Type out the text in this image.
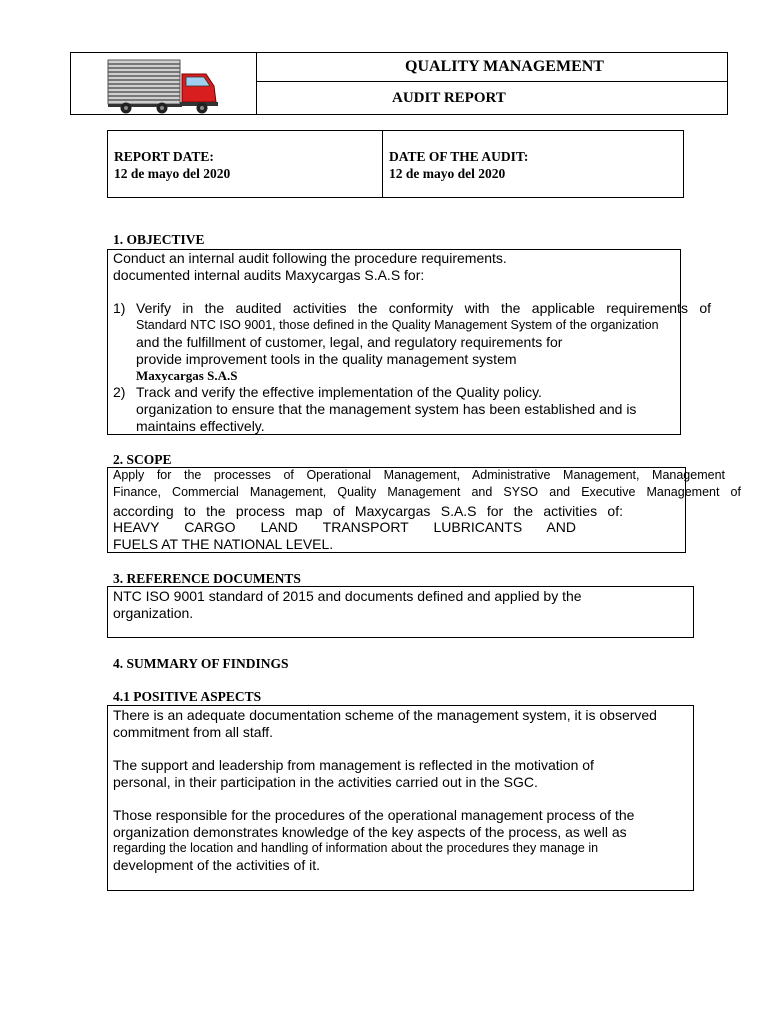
QUALITY MANAGEMENT
AUDIT REPORT
REPORT DATE:
12 de mayo del 2020
DATE OF THE AUDIT:
12 de mayo del 2020
1. OBJECTIVE
Conduct an internal audit following the procedure requirements.
documented internal audits Maxycargas S.A.S for:
1) Verify in the audited activities the conformity with the applicable requirements of
Standard NTC ISO 9001, those defined in the Quality Management System of the organization
and the fulfillment of customer, legal, and regulatory requirements for
provide improvement tools in the quality management system
Maxycargas S.A.S
2) Track and verify the effective implementation of the Quality policy.
organization to ensure that the management system has been established and is
maintains effectively.
2. SCOPE
Apply for the processes of Operational Management, Administrative Management, Management
Finance, Commercial Management, Quality Management and SYSO and Executive Management of
according to the process map of Maxycargas S.A.S for the activities of:
HEAVY CARGO LAND TRANSPORT LUBRICANTS AND
FUELS AT THE NATIONAL LEVEL.
3. REFERENCE DOCUMENTS
NTC ISO 9001 standard of 2015 and documents defined and applied by the
organization.
4. SUMMARY OF FINDINGS
4.1 POSITIVE ASPECTS
There is an adequate documentation scheme of the management system, it is observed
commitment from all staff.
The support and leadership from management is reflected in the motivation of
personal, in their participation in the activities carried out in the SGC.
Those responsible for the procedures of the operational management process of the
organization demonstrates knowledge of the key aspects of the process, as well as
regarding the location and handling of information about the procedures they manage in
development of the activities of it.
